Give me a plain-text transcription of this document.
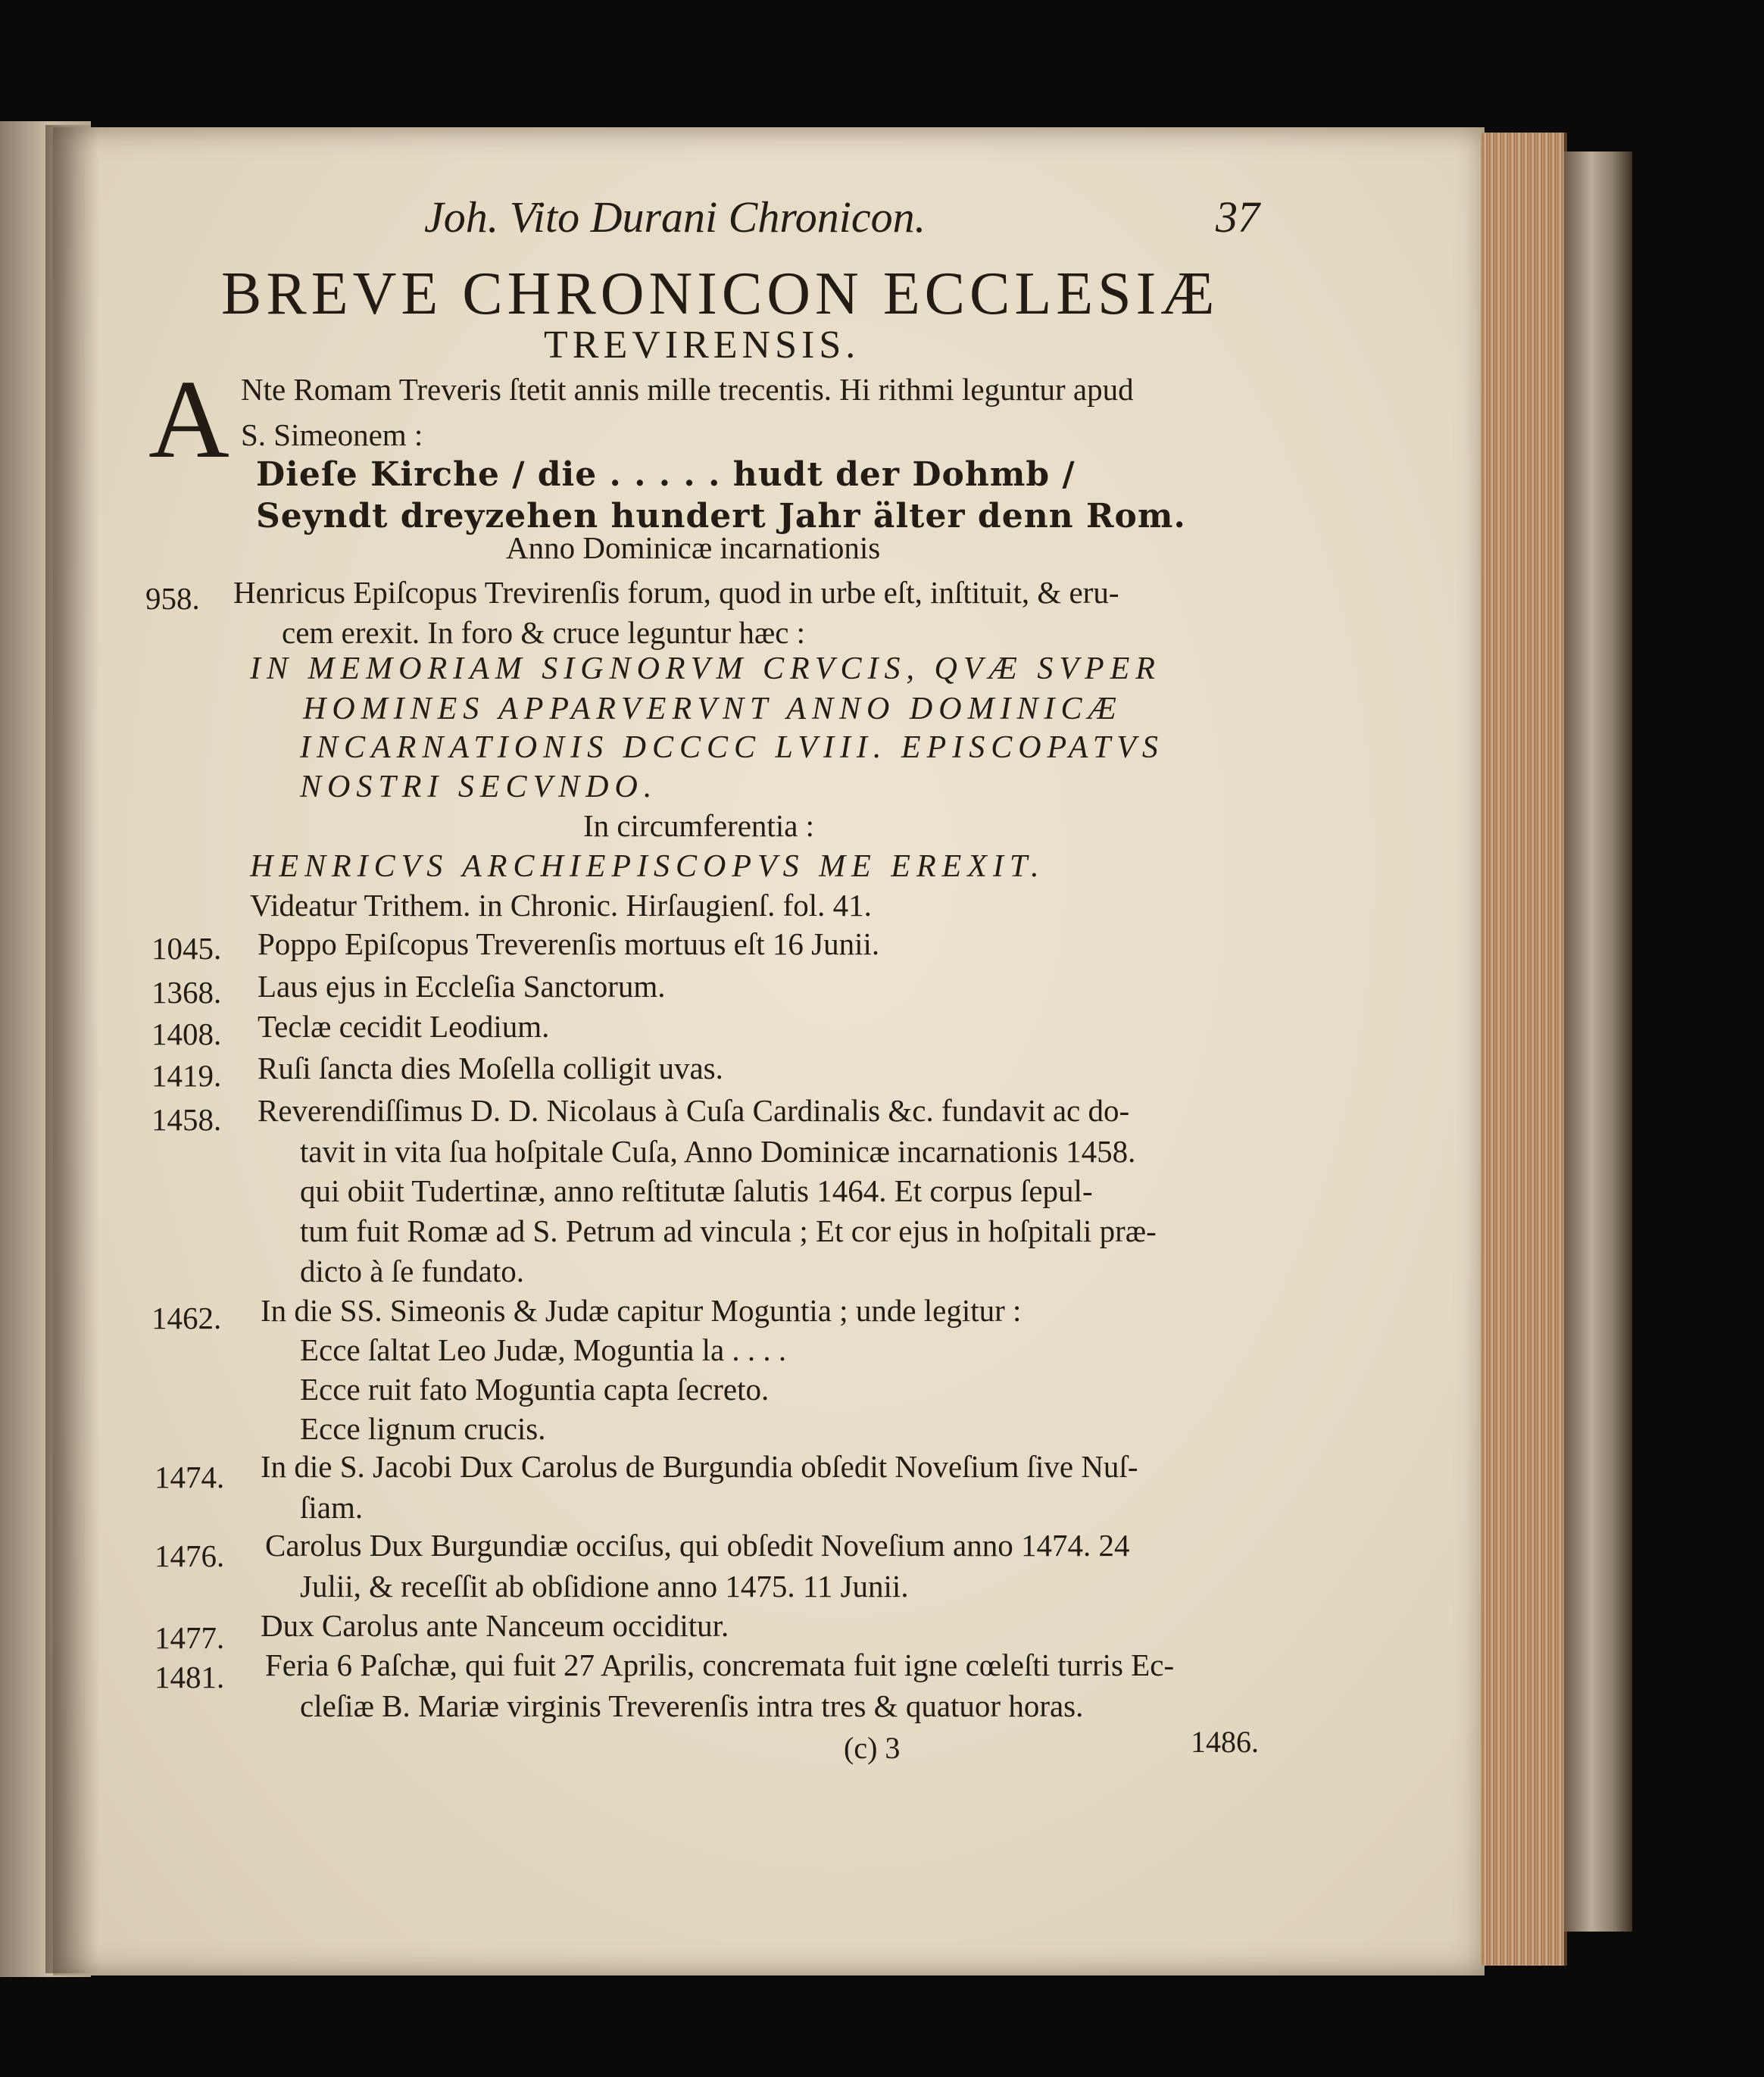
Joh. Vito Durani Chronicon.	37
BREVE CHRONICON ECCLESIÆ
TREVIRENSIS.
A Nte Romam Treveris ſtetit annis mille trecentis. Hi rithmi leguntur apud
S. Simeonem :
Dieſe Kirche / die . . . . . hudt der Dohmb /
Seyndt dreyzehen hundert Jahr älter denn Rom.
Anno Dominicæ incarnationis
958. Henricus Epiſcopus Trevirenſis forum, quod in urbe eſt, inſtituit, & eru-
cem erexit. In foro & cruce leguntur hæc :
IN MEMORIAM SIGNORVM CRVCIS, QVÆ SVPER
HOMINES APPARVERVNT ANNO DOMINICÆ
INCARNATIONIS DCCCC LVIII. EPISCOPATVS
NOSTRI SECVNDO.
In circumferentia :
HENRICVS ARCHIEPISCOPVS ME EREXIT.
Videatur Trithem. in Chronic. Hirſaugienſ. fol. 41.
1045. Poppo Epiſcopus Treverenſis mortuus eſt 16 Junii.
1368. Laus ejus in Eccleſia Sanctorum.
1408. Teclæ cecidit Leodium.
1419. Ruſi ſancta dies Moſella colligit uvas.
1458. Reverendiſſimus D. D. Nicolaus à Cuſa Cardinalis &c. fundavit ac do-
tavit in vita ſua hoſpitale Cuſa, Anno Dominicæ incarnationis 1458.
qui obiit Tudertinæ, anno reſtitutæ ſalutis 1464. Et corpus ſepul-
tum fuit Romæ ad S. Petrum ad vincula ; Et cor ejus in hoſpitali præ-
dicto à ſe fundato.
1462. In die SS. Simeonis & Judæ capitur Moguntia ; unde legitur :
Ecce ſaltat Leo Judæ, Moguntia la . . . .
Ecce ruit fato Moguntia capta ſecreto.
Ecce lignum crucis.
1474. In die S. Jacobi Dux Carolus de Burgundia obſedit Noveſium ſive Nuſ-
ſiam.
1476. Carolus Dux Burgundiæ occiſus, qui obſedit Noveſium anno 1474. 24
Julii, & receſſit ab obſidione anno 1475. 11 Junii.
1477. Dux Carolus ante Nanceum occiditur.
1481. Feria 6 Paſchæ, qui fuit 27 Aprilis, concremata fuit igne cœleſti turris Ec-
cleſiæ B. Mariæ virginis Treverenſis intra tres & quatuor horas.
(c) 3	1486.
